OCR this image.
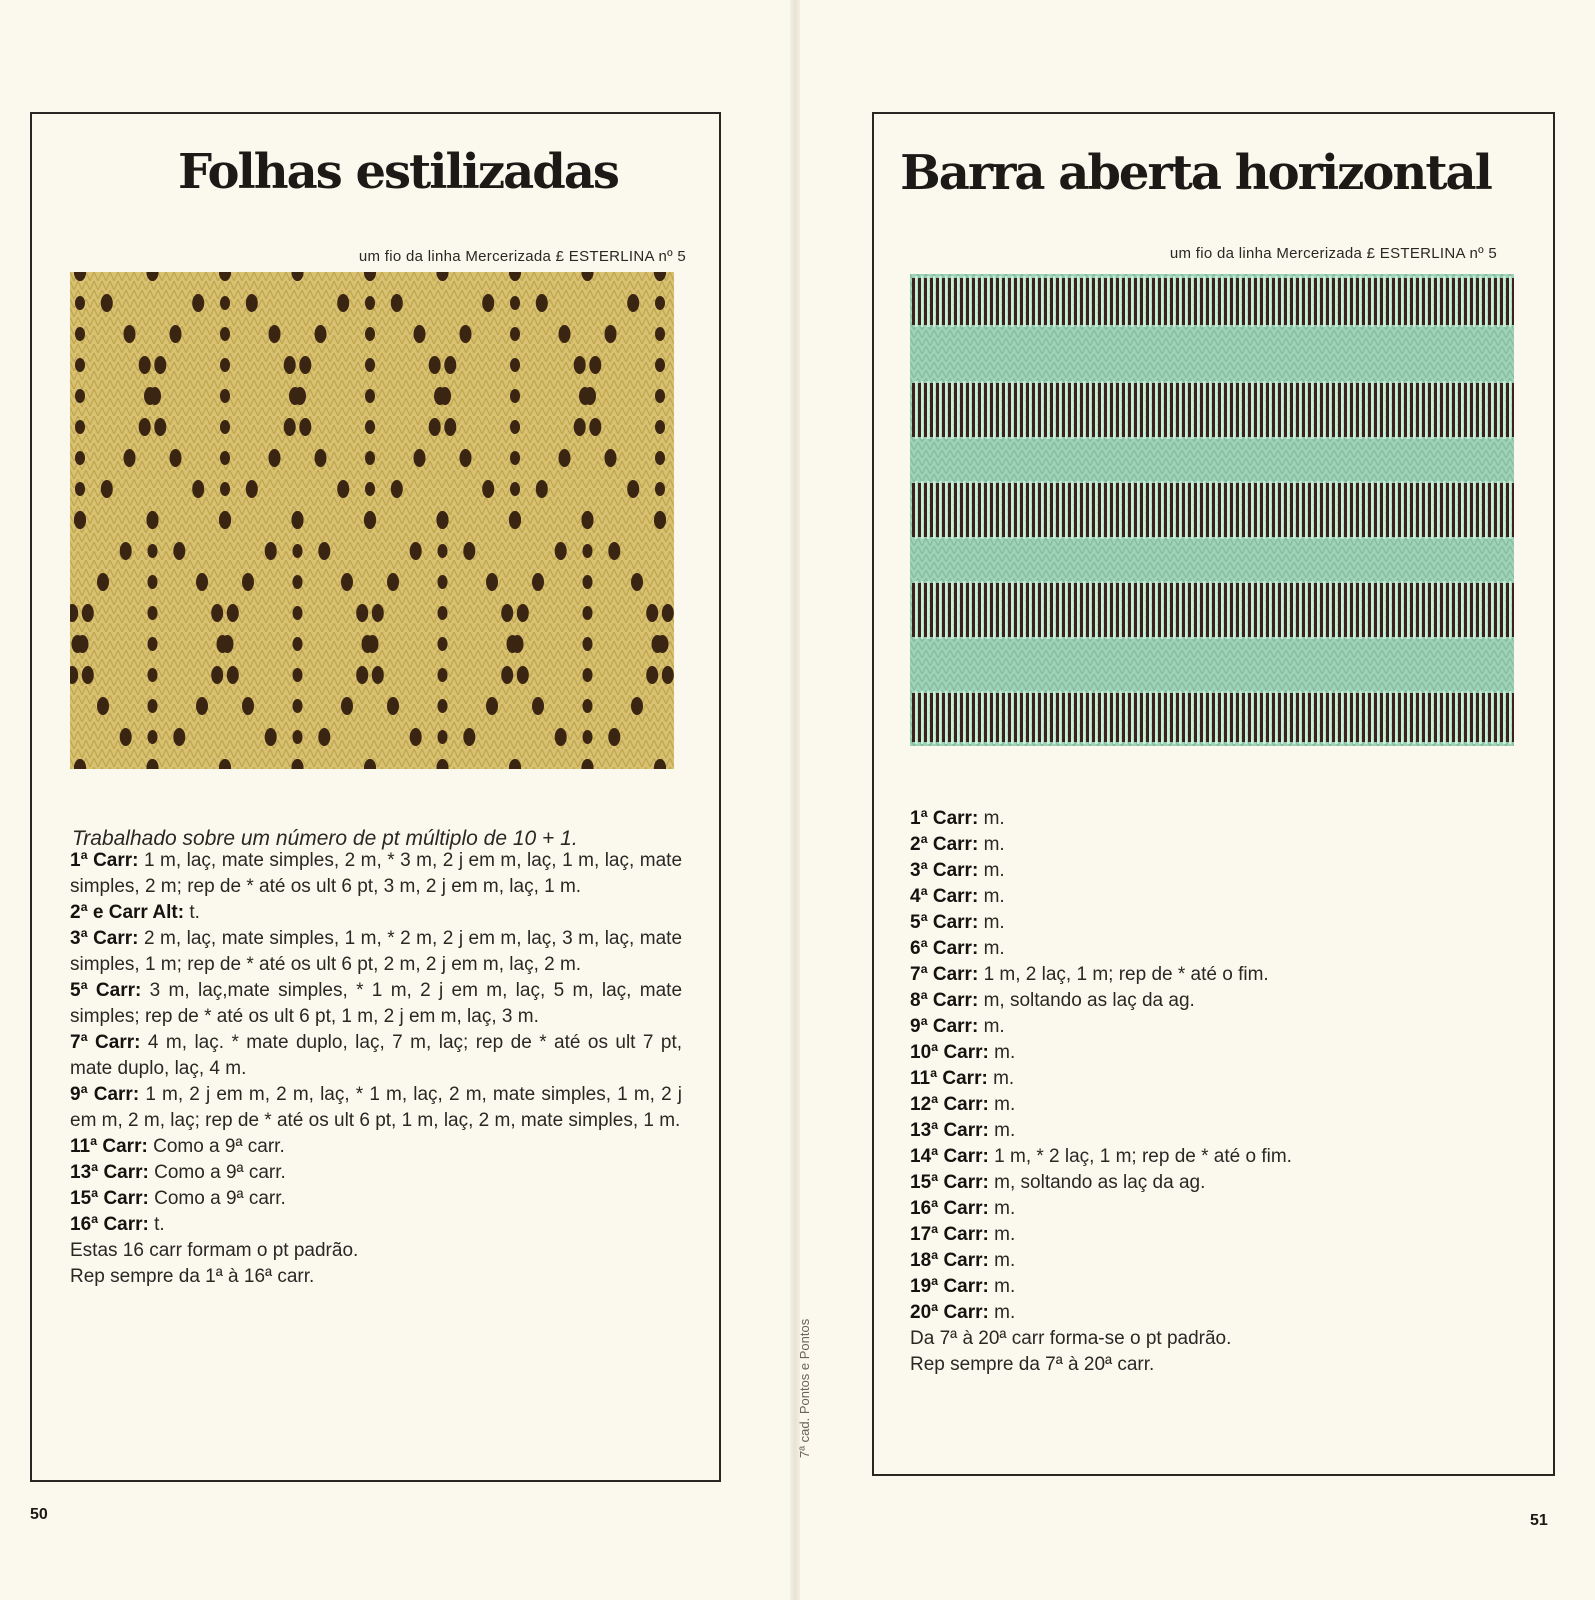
Folhas estilizadas
um fio da linha Mercerizada £ ESTERLINA nº 5

Trabalhado sobre um número de pt múltiplo de 10 + 1.

1ª Carr: 1 m, laç, mate simples, 2 m, * 3 m, 2 j em m, laç, 1 m, laç, mate simples, 2 m; rep de * até os ult 6 pt, 3 m, 2 j em m, laç, 1 m.

2ª e Carr Alt: t.

3ª Carr: 2 m, laç, mate simples, 1 m, * 2 m, 2 j em m, laç, 3 m, laç, mate simples, 1 m; rep de * até os ult 6 pt, 2 m, 2 j em m, laç, 2 m.

5ª Carr: 3 m, laç,mate simples, * 1 m, 2 j em m, laç, 5 m, laç, mate simples; rep de * até os ult 6 pt, 1 m, 2 j em m, laç, 3 m.

7ª Carr: 4 m, laç. * mate duplo, laç, 7 m, laç; rep de * até os ult 7 pt, mate duplo, laç, 4 m.

9ª Carr: 1 m, 2 j em m, 2 m, laç, * 1 m, laç, 2 m, mate simples, 1 m, 2 j em m, 2 m, laç; rep de * até os ult 6 pt, 1 m, laç, 2 m, mate simples, 1 m.

11ª Carr: Como a 9ª carr.

13ª Carr: Como a 9ª carr.

15ª Carr: Como a 9ª carr.

16ª Carr: t.

Estas 16 carr formam o pt padrão.

Rep sempre da 1ª à 16ª carr.

50
Barra aberta horizontal
um fio da linha Mercerizada £ ESTERLINA nº 5

1ª Carr: m.

2ª Carr: m.

3ª Carr: m.

4ª Carr: m.

5ª Carr: m.

6ª Carr: m.

7ª Carr: 1 m, 2 laç, 1 m; rep de * até o fim.

8ª Carr: m, soltando as laç da ag.

9ª Carr: m.

10ª Carr: m.

11ª Carr: m.

12ª Carr: m.

13ª Carr: m.

14ª Carr: 1 m, * 2 laç, 1 m; rep de * até o fim.

15ª Carr: m, soltando as laç da ag.

16ª Carr: m.

17ª Carr: m.

18ª Carr: m.

19ª Carr: m.

20ª Carr: m.

Da 7ª à 20ª carr forma-se o pt padrão.

Rep sempre da 7ª à 20ª carr.

51
7ª cad. Pontos e Pontos
